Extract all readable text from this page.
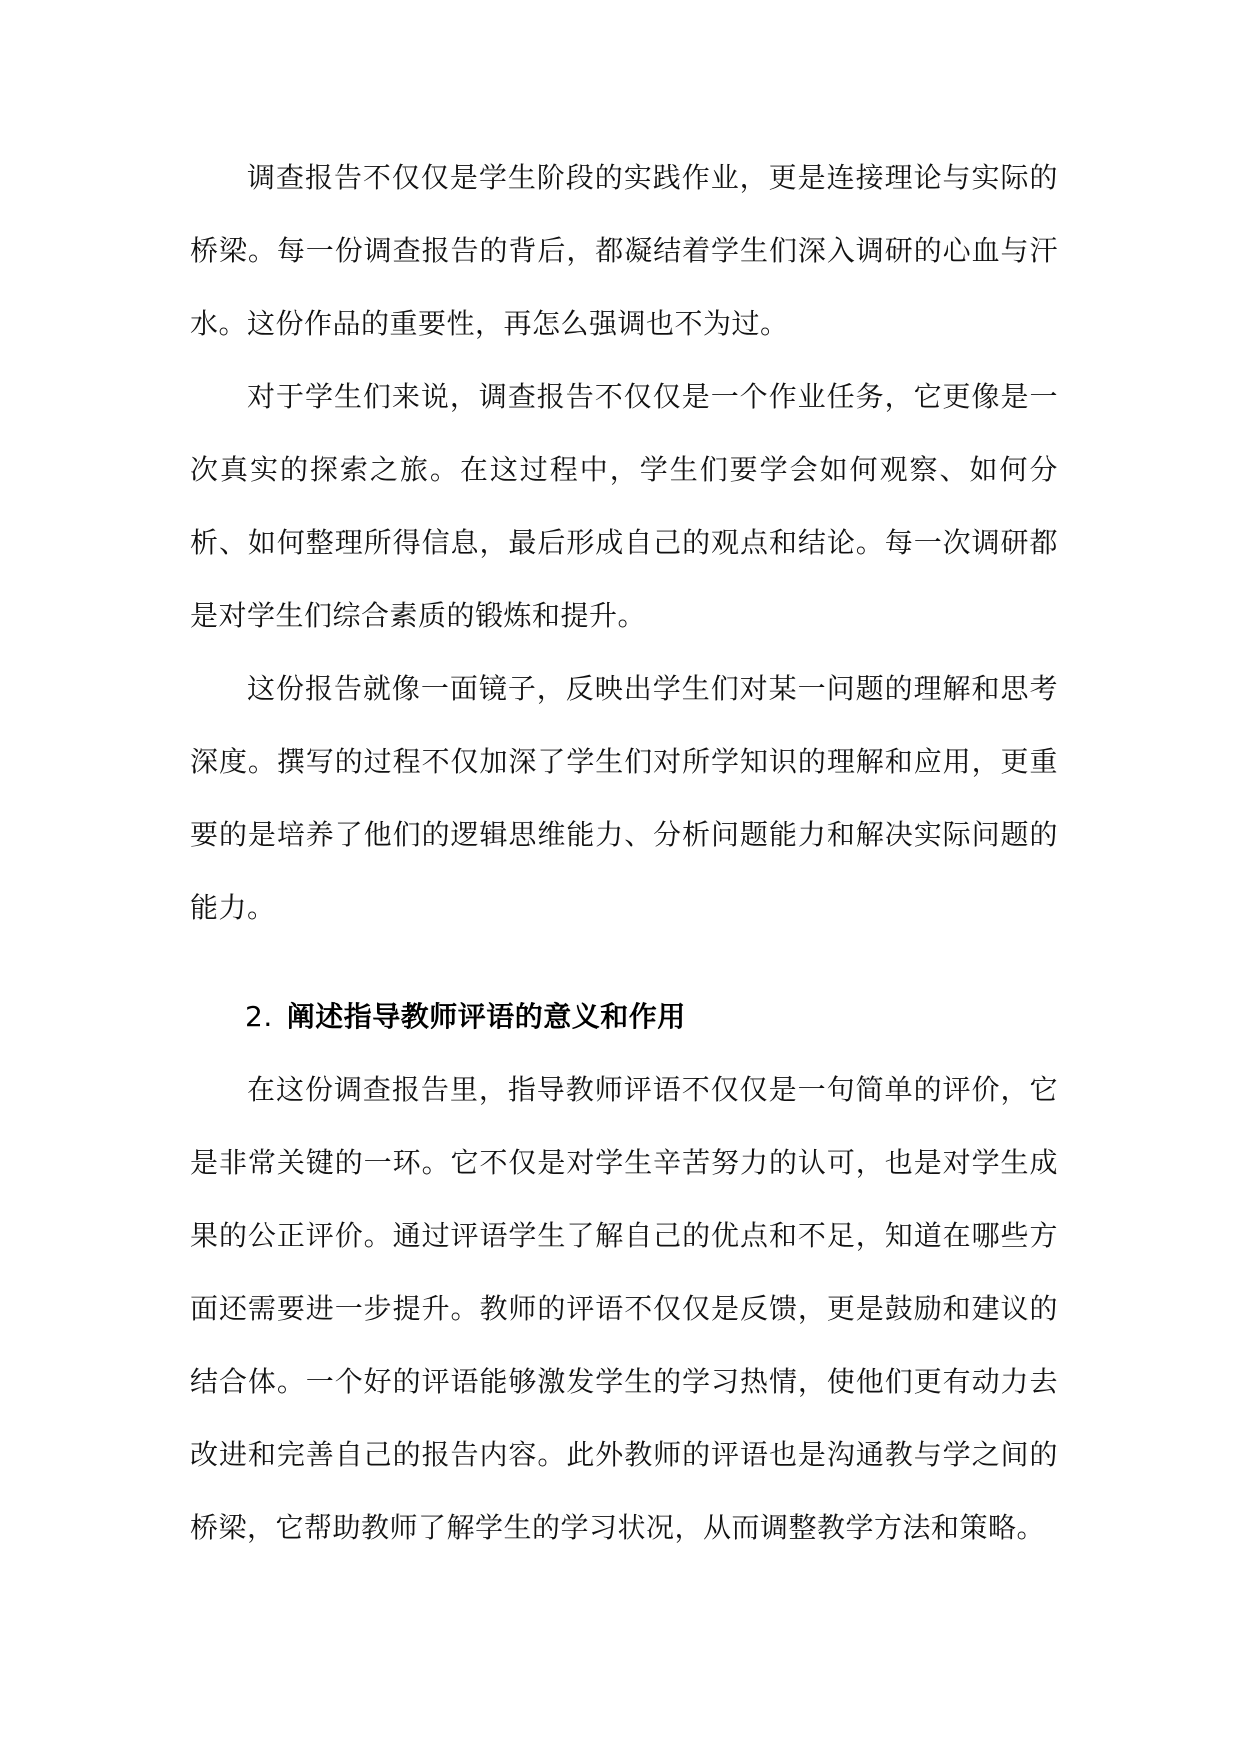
调查报告不仅仅是学生阶段的实践作业，更是连接理论与实际的桥梁。每一份调查报告的背后，都凝结着学生们深入调研的心血与汗水。这份作品的重要性，再怎么强调也不为过。

对于学生们来说，调查报告不仅仅是一个作业任务，它更像是一次真实的探索之旅。在这过程中，学生们要学会如何观察、如何分析、如何整理所得信息，最后形成自己的观点和结论。每一次调研都是对学生们综合素质的锻炼和提升。

这份报告就像一面镜子，反映出学生们对某一问题的理解和思考深度。撰写的过程不仅加深了学生们对所学知识的理解和应用，更重要的是培养了他们的逻辑思维能力、分析问题能力和解决实际问题的能力。

2. 阐述指导教师评语的意义和作用

在这份调查报告里，指导教师评语不仅仅是一句简单的评价，它是非常关键的一环。它不仅是对学生辛苦努力的认可，也是对学生成果的公正评价。通过评语学生了解自己的优点和不足，知道在哪些方面还需要进一步提升。教师的评语不仅仅是反馈，更是鼓励和建议的结合体。一个好的评语能够激发学生的学习热情，使他们更有动力去改进和完善自己的报告内容。此外教师的评语也是沟通教与学之间的桥梁，它帮助教师了解学生的学习状况，从而调整教学方法和策略。
